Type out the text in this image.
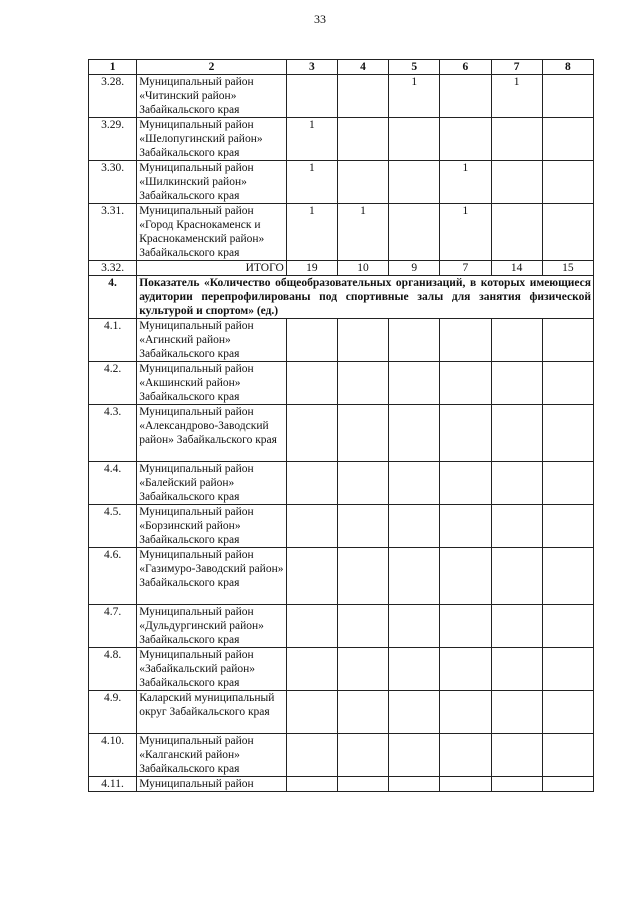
33
1	2	3	4	5	6	7	8
3.28.	Муниципальный район «Читинский район» Забайкальского края			1		1	
3.29.	Муниципальный район «Шелопугинский район» Забайкальского края	1					
3.30.	Муниципальный район «Шилкинский район» Забайкальского края	1			1		
3.31.	Муниципальный район «Город Краснокаменск и Краснокаменский район» Забайкальского края	1	1		1		
3.32.	ИТОГО	19	10	9	7	14	15
4.	Показатель «Количество общеобразовательных организаций, в которых имеющиеся аудитории перепрофилированы под спортивные залы для занятия физической культурой и спортом» (ед.)						
4.1.	Муниципальный район «Агинский район» Забайкальского края						
4.2.	Муниципальный район «Акшинский район» Забайкальского края						
4.3.	Муниципальный район «Александрово-Заводский район» Забайкальского края						
4.4.	Муниципальный район «Балейский район» Забайкальского края						
4.5.	Муниципальный район «Борзинский район» Забайкальского края						
4.6.	Муниципальный район «Газимуро-Заводский район» Забайкальского края						
4.7.	Муниципальный район «Дульдургинский район» Забайкальского края						
4.8.	Муниципальный район «Забайкальский район» Забайкальского края						
4.9.	Каларский муниципальный округ Забайкальского края						
4.10.	Муниципальный район «Калганский район» Забайкальского края						
4.11.	Муниципальный район						
